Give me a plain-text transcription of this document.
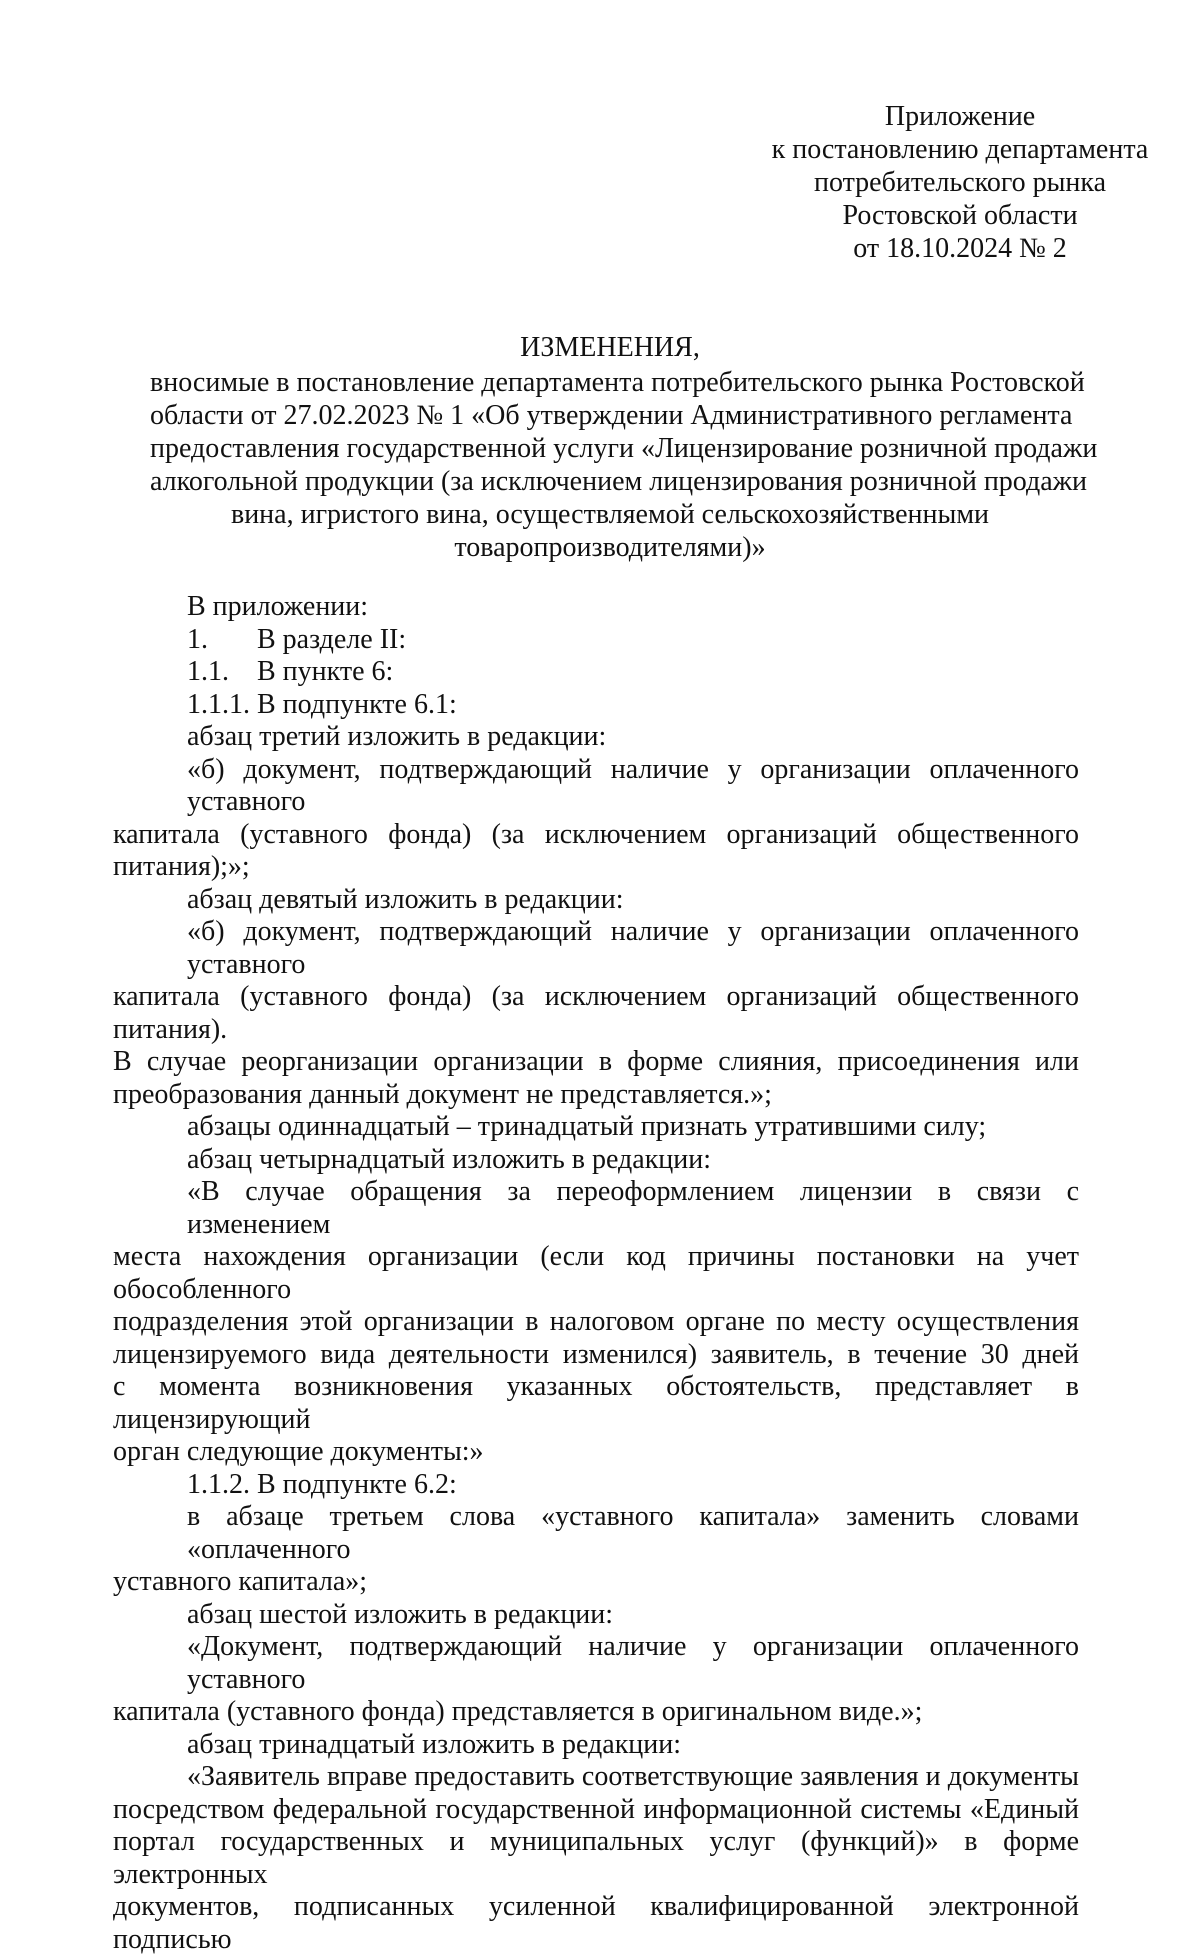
Приложение
к постановлению департамента
потребительского рынка
Ростовской области
от 18.10.2024 № 2
ИЗМЕНЕНИЯ,
вносимые в постановление департамента потребительского рынка Ростовской
области от 27.02.2023 № 1 «Об утверждении Административного регламента
предоставления государственной услуги «Лицензирование розничной продажи
алкогольной продукции (за исключением лицензирования розничной продажи
вина, игристого вина, осуществляемой сельскохозяйственными
товаропроизводителями)»
В приложении:
1. В разделе II:
1.1. В пункте 6:
1.1.1. В подпункте 6.1:
абзац третий изложить в редакции:
«б) документ, подтверждающий наличие у организации оплаченного уставного
капитала (уставного фонда) (за исключением организаций общественного питания);»;
абзац девятый изложить в редакции:
«б) документ, подтверждающий наличие у организации оплаченного уставного
капитала (уставного фонда) (за исключением организаций общественного питания).
В случае реорганизации организации в форме слияния, присоединения или
преобразования данный документ не представляется.»;
абзацы одиннадцатый – тринадцатый признать утратившими силу;
абзац четырнадцатый изложить в редакции:
«В случае обращения за переоформлением лицензии в связи с изменением
места нахождения организации (если код причины постановки на учет обособленного
подразделения этой организации в налоговом органе по месту осуществления
лицензируемого вида деятельности изменился) заявитель, в течение 30 дней
с момента возникновения указанных обстоятельств, представляет в лицензирующий
орган следующие документы:»
1.1.2. В подпункте 6.2:
в абзаце третьем слова «уставного капитала» заменить словами «оплаченного
уставного капитала»;
абзац шестой изложить в редакции:
«Документ, подтверждающий наличие у организации оплаченного уставного
капитала (уставного фонда) представляется в оригинальном виде.»;
абзац тринадцатый изложить в редакции:
«Заявитель вправе предоставить соответствующие заявления и документы
посредством федеральной государственной информационной системы «Единый
портал государственных и муниципальных услуг (функций)» в форме электронных
документов, подписанных усиленной квалифицированной электронной подписью
